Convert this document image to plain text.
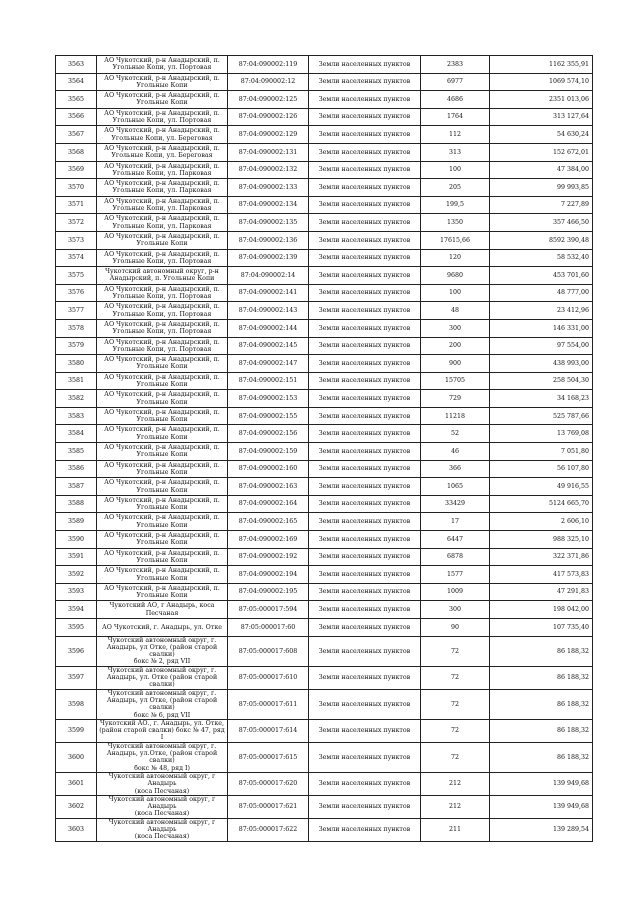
3563	АО Чукотский, р-н Анадырский, п.
Угольные Копи, ул. Портовая	87:04:090002:119	Земли населенных пунктов	2383	1162 355,91
3564	АО Чукотский, р-н Анадырский, п.
Угольные Копи	87:04:090002:12	Земли населенных пунктов	6977	1069 574,10
3565	АО Чукотский, р-н Анадырский, п.
Угольные Копи	87:04:090002:125	Земли населенных пунктов	4686	2351 013,06
3566	АО Чукотский, р-н Анадырский, п.
Угольные Копи, ул. Портовая	87:04:090002:126	Земли населенных пунктов	1764	313 127,64
3567	АО Чукотский, р-н Анадырский, п.
Угольные Копи, ул. Береговая	87:04:090002:129	Земли населенных пунктов	112	54 630,24
3568	АО Чукотский, р-н Анадырский, п.
Угольные Копи, ул. Береговая	87:04:090002:131	Земли населенных пунктов	313	152 672,01
3569	АО Чукотский, р-н Анадырский, п.
Угольные Копи, ул. Парковая	87:04:090002:132	Земли населенных пунктов	100	47 384,00
3570	АО Чукотский, р-н Анадырский, п.
Угольные Копи, ул. Парковая	87:04:090002:133	Земли населенных пунктов	205	99 993,85
3571	АО Чукотский, р-н Анадырский, п.
Угольные Копи, ул. Парковая	87:04:090002:134	Земли населенных пунктов	199,5	7 227,89
3572	АО Чукотский, р-н Анадырский, п.
Угольные Копи, ул. Парковая	87:04:090002:135	Земли населенных пунктов	1350	357 466,50
3573	АО Чукотский, р-н Анадырский, п.
Угольные Копи	87:04:090002:136	Земли населенных пунктов	17615,66	8592 390,48
3574	АО Чукотский, р-н Анадырский, п.
Угольные Копи, ул. Портовая	87:04:090002:139	Земли населенных пунктов	120	58 532,40
3575	Чукотский автономный округ, р-н
Анадырский, п. Угольные Копи	87:04:090002:14	Земли населенных пунктов	9680	453 701,60
3576	АО Чукотский, р-н Анадырский, п.
Угольные Копи, ул. Портовая	87:04:090002:141	Земли населенных пунктов	100	48 777,00
3577	АО Чукотский, р-н Анадырский, п.
Угольные Копи, ул. Портовая	87:04:090002:143	Земли населенных пунктов	48	23 412,96
3578	АО Чукотский, р-н Анадырский, п.
Угольные Копи, ул. Портовая	87:04:090002:144	Земли населенных пунктов	300	146 331,00
3579	АО Чукотский, р-н Анадырский, п.
Угольные Копи, ул. Портовая	87:04:090002:145	Земли населенных пунктов	200	97 554,00
3580	АО Чукотский, р-н Анадырский, п.
Угольные Копи	87:04:090002:147	Земли населенных пунктов	900	438 993,00
3581	АО Чукотский, р-н Анадырский, п.
Угольные Копи	87:04:090002:151	Земли населенных пунктов	15705	258 504,30
3582	АО Чукотский, р-н Анадырский, п.
Угольные Копи	87:04:090002:153	Земли населенных пунктов	729	34 168,23
3583	АО Чукотский, р-н Анадырский, п.
Угольные Копи	87:04:090002:155	Земли населенных пунктов	11218	525 787,66
3584	АО Чукотский, р-н Анадырский, п.
Угольные Копи	87:04:090002:156	Земли населенных пунктов	52	13 769,08
3585	АО Чукотский, р-н Анадырский, п.
Угольные Копи	87:04:090002:159	Земли населенных пунктов	46	7 051,80
3586	АО Чукотский, р-н Анадырский, п.
Угольные Копи	87:04:090002:160	Земли населенных пунктов	366	56 107,80
3587	АО Чукотский, р-н Анадырский, п.
Угольные Копи	87:04:090002:163	Земли населенных пунктов	1065	49 916,55
3588	АО Чукотский, р-н Анадырский, п.
Угольные Копи	87:04:090002:164	Земли населенных пунктов	33429	5124 665,70
3589	АО Чукотский, р-н Анадырский, п.
Угольные Копи	87:04:090002:165	Земли населенных пунктов	17	2 606,10
3590	АО Чукотский, р-н Анадырский, п.
Угольные Копи	87:04:090002:169	Земли населенных пунктов	6447	988 325,10
3591	АО Чукотский, р-н Анадырский, п.
Угольные Копи	87:04:090002:192	Земли населенных пунктов	6878	322 371,86
3592	АО Чукотский, р-н Анадырский, п.
Угольные Копи	87:04:090002:194	Земли населенных пунктов	1577	417 573,83
3593	АО Чукотский, р-н Анадырский, п.
Угольные Копи	87:04:090002:195	Земли населенных пунктов	1009	47 291,83
3594	Чукотский АО, г Анадырь, коса
Песчаная	87:05:000017:594	Земли населенных пунктов	300	198 042,00
3595	АО Чукотский, г. Анадырь, ул. Отке	87:05:000017:60	Земли населенных пунктов	90	107 735,40
3596	Чукотский автономный округ, г.
Анадырь, ул Отке, (район старой свалки)
бокс № 2, ряд VII	87:05:000017:608	Земли населенных пунктов	72	86 188,32
3597	Чукотский автономный округ, г.
Анадырь, ул. Отке (район старой свалки)	87:05:000017:610	Земли населенных пунктов	72	86 188,32
3598	Чукотский автономный округ, г.
Анадырь, ул Отке, (район старой свалки)
бокс № 6, ряд VII	87:05:000017:611	Земли населенных пунктов	72	86 188,32
3599	Чукотский АО., г. Анадырь, ул. Отке,
(район старой свалки) бокс № 47, ряд I	87:05:000017:614	Земли населенных пунктов	72	86 188,32
3600	Чукотский автономный округ, г.
Анадырь, ул.Отке, (район старой свалки)
бокс № 48, ряд I)	87:05:000017:615	Земли населенных пунктов	72	86 188,32
3601	Чукотский автономный округ, г Анадырь
(коса Песчаная)	87:05:000017:620	Земли населенных пунктов	212	139 949,68
3602	Чукотский автономный округ, г Анадырь
(коса Песчаная)	87:05:000017:621	Земли населенных пунктов	212	139 949,68
3603	Чукотский автономный округ, г Анадырь
(коса Песчаная)	87:05:000017:622	Земли населенных пунктов	211	139 289,54
